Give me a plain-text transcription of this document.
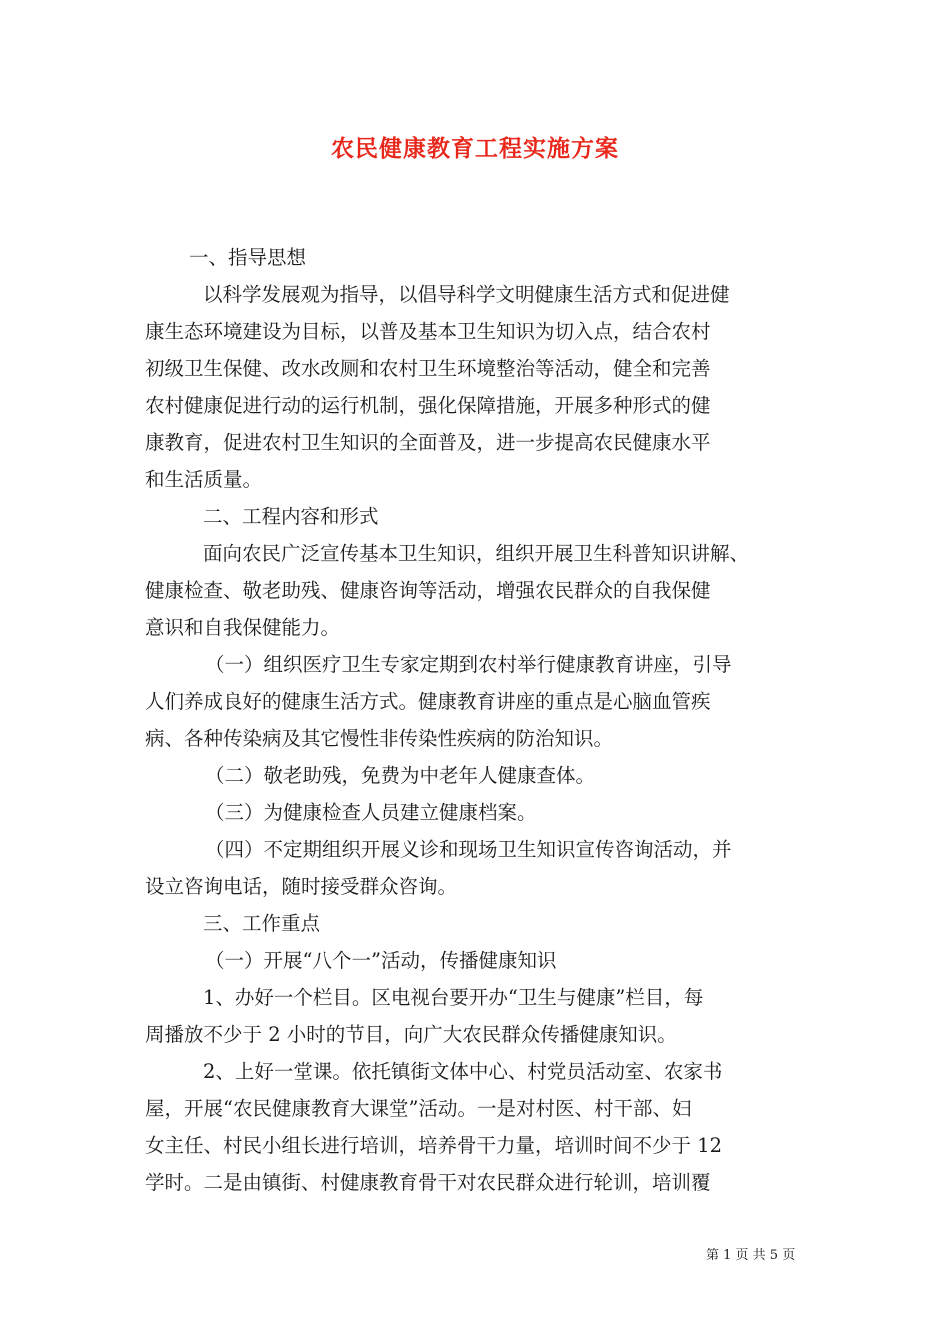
农民健康教育工程实施方案
一、指导思想
以科学发展观为指导，以倡导科学文明健康生活方式和促进健
康生态环境建设为目标，以普及基本卫生知识为切入点，结合农村
初级卫生保健、改水改厕和农村卫生环境整治等活动，健全和完善
农村健康促进行动的运行机制，强化保障措施，开展多种形式的健
康教育，促进农村卫生知识的全面普及，进一步提高农民健康水平
和生活质量。
二、工程内容和形式
面向农民广泛宣传基本卫生知识，组织开展卫生科普知识讲解、
健康检查、敬老助残、健康咨询等活动，增强农民群众的自我保健
意识和自我保健能力。
（一）组织医疗卫生专家定期到农村举行健康教育讲座，引导
人们养成良好的健康生活方式。健康教育讲座的重点是心脑血管疾
病、各种传染病及其它慢性非传染性疾病的防治知识。
（二）敬老助残，免费为中老年人健康查体。
（三）为健康检查人员建立健康档案。
（四）不定期组织开展义诊和现场卫生知识宣传咨询活动，并
设立咨询电话，随时接受群众咨询。
三、工作重点
（一）开展“八个一”活动，传播健康知识
1、办好一个栏目。区电视台要开办“卫生与健康”栏目，每
周播放不少于 2 小时的节目，向广大农民群众传播健康知识。
2、上好一堂课。依托镇街文体中心、村党员活动室、农家书
屋，开展“农民健康教育大课堂”活动。一是对村医、村干部、妇
女主任、村民小组长进行培训，培养骨干力量，培训时间不少于 12
学时。二是由镇街、村健康教育骨干对农民群众进行轮训，培训覆
第 1 页 共 5 页
